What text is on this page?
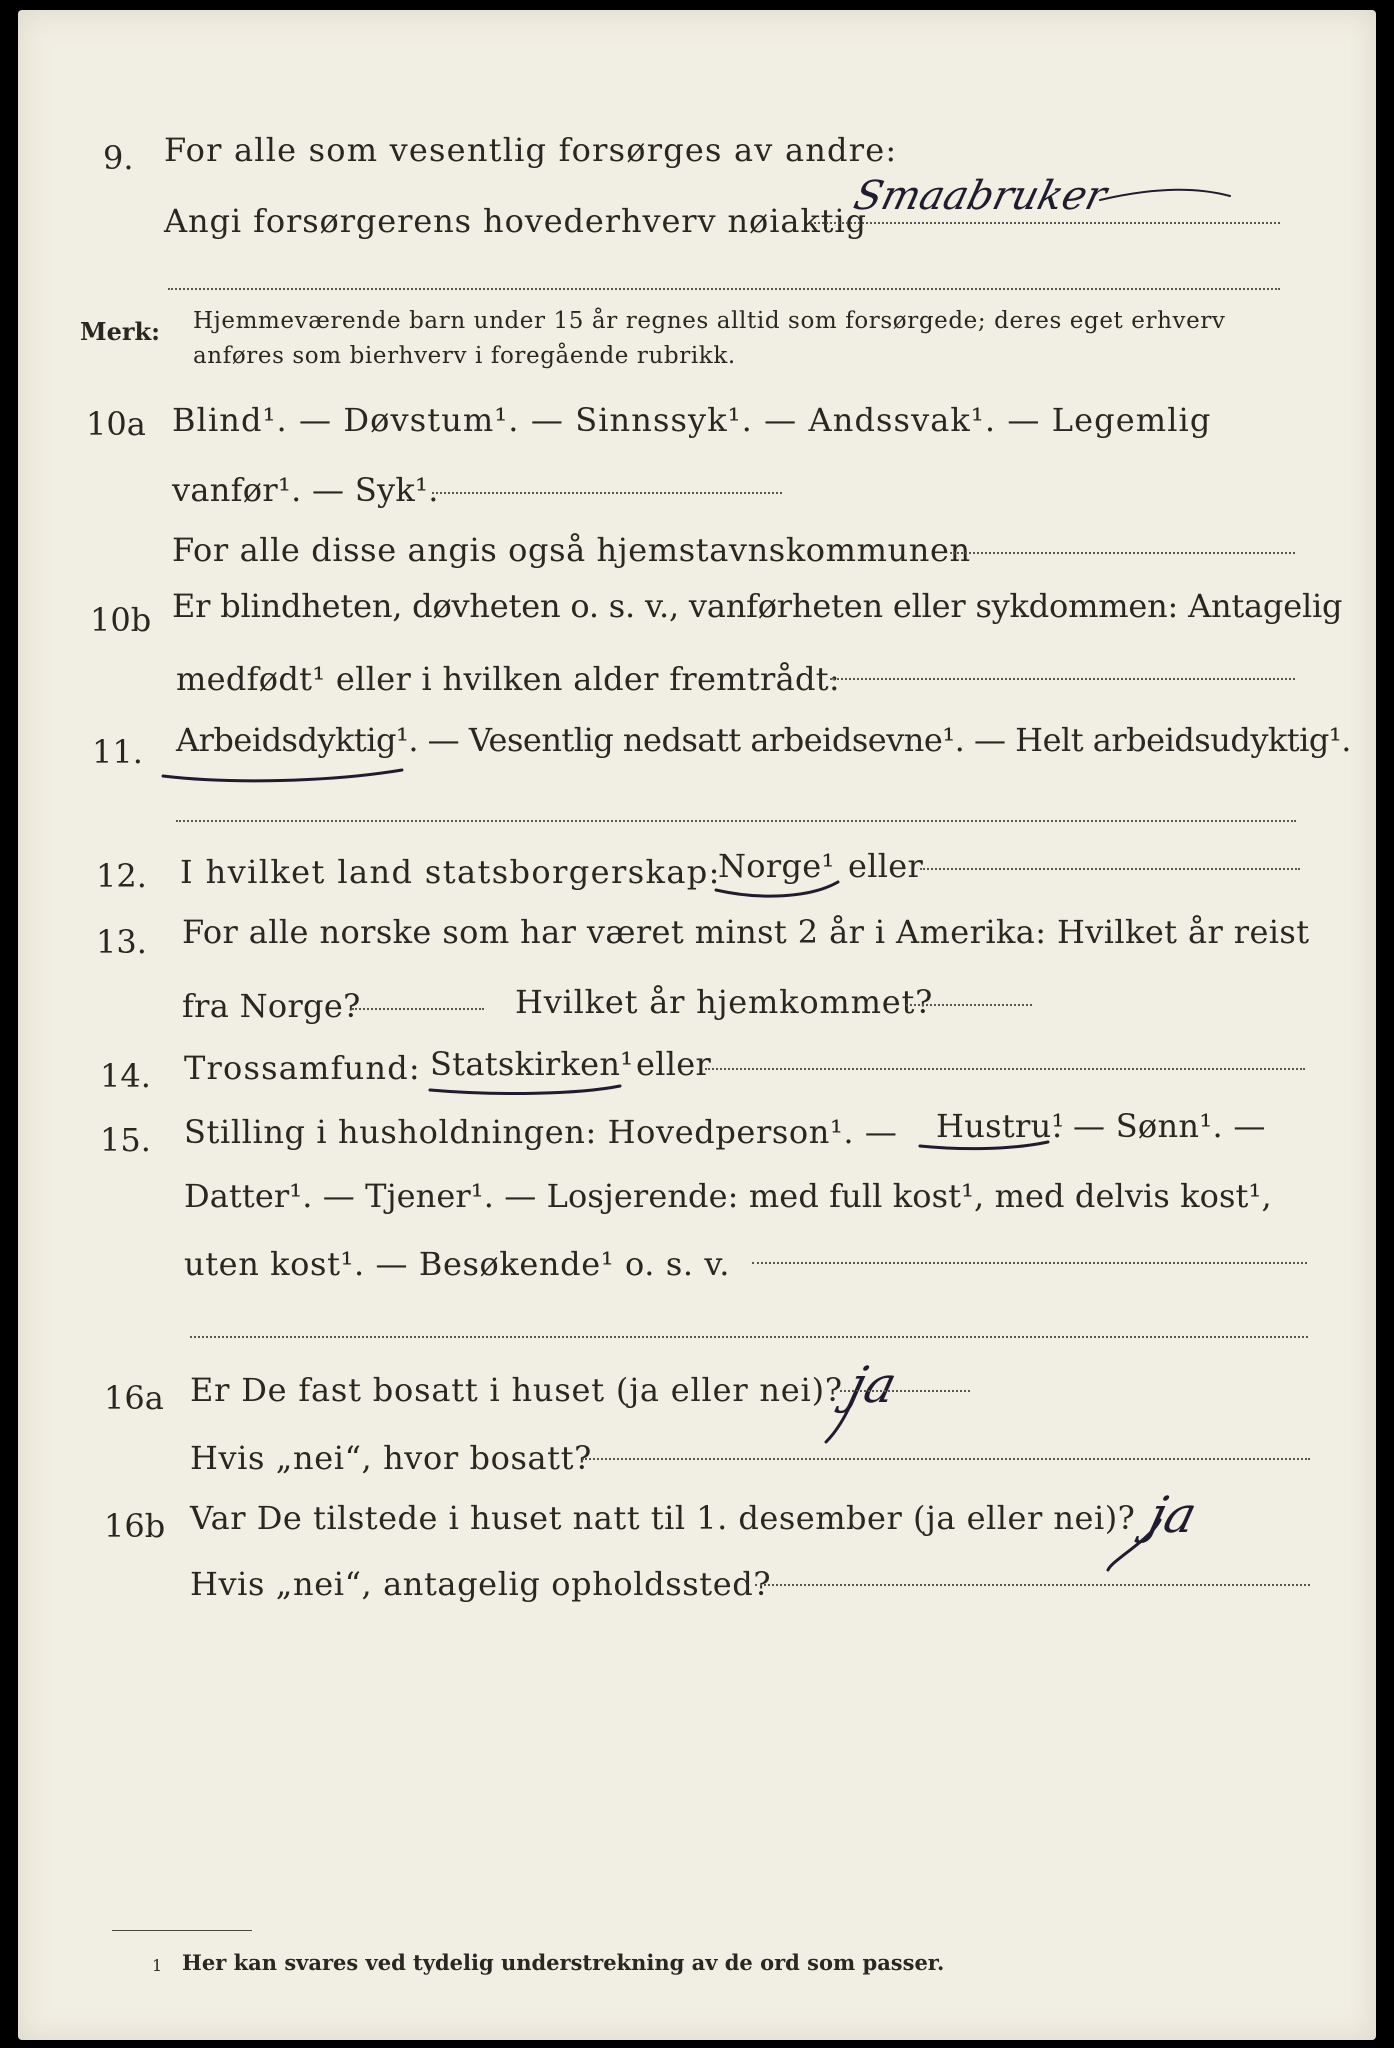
9. For alle som vesentlig forsørges av andre:
Angi forsørgerens hovederhverv nøiaktig
Smaabruker
Merk: Hjemmeværende barn under 15 år regnes alltid som forsørgede; deres eget erhverv
anføres som bierhverv i foregående rubrikk.
10a Blind¹. — Døvstum¹. — Sinnssyk¹. — Andssvak¹. — Legemlig
vanfør¹. — Syk¹.
For alle disse angis også hjemstavnskommunen
10b Er blindheten, døvheten o. s. v., vanførheten eller sykdommen: Antagelig
medfødt¹ eller i hvilken alder fremtrådt:
11. Arbeidsdyktig¹. — Vesentlig nedsatt arbeidsevne¹. — Helt arbeidsudyktig¹.
12. I hvilket land statsborgerskap:
Norge¹ eller
13. For alle norske som har været minst 2 år i Amerika: Hvilket år reist
fra Norge?	Hvilket år hjemkommet?
14. Trossamfund: Statskirken¹ eller
15. Stilling i husholdningen: Hovedperson¹. — Hustru¹
. — Sønn¹. —
Datter¹. — Tjener¹. — Losjerende: med full kost¹, med delvis kost¹,
uten kost¹. — Besøkende¹ o. s. v.
16a Er De fast bosatt i huset (ja eller nei)? ja
Hvis „nei“, hvor bosatt?
16b Var De tilstede i huset natt til 1. desember (ja eller nei)? ja
Hvis „nei“, antagelig opholdssted?
1 Her kan svares ved tydelig understrekning av de ord som passer.
